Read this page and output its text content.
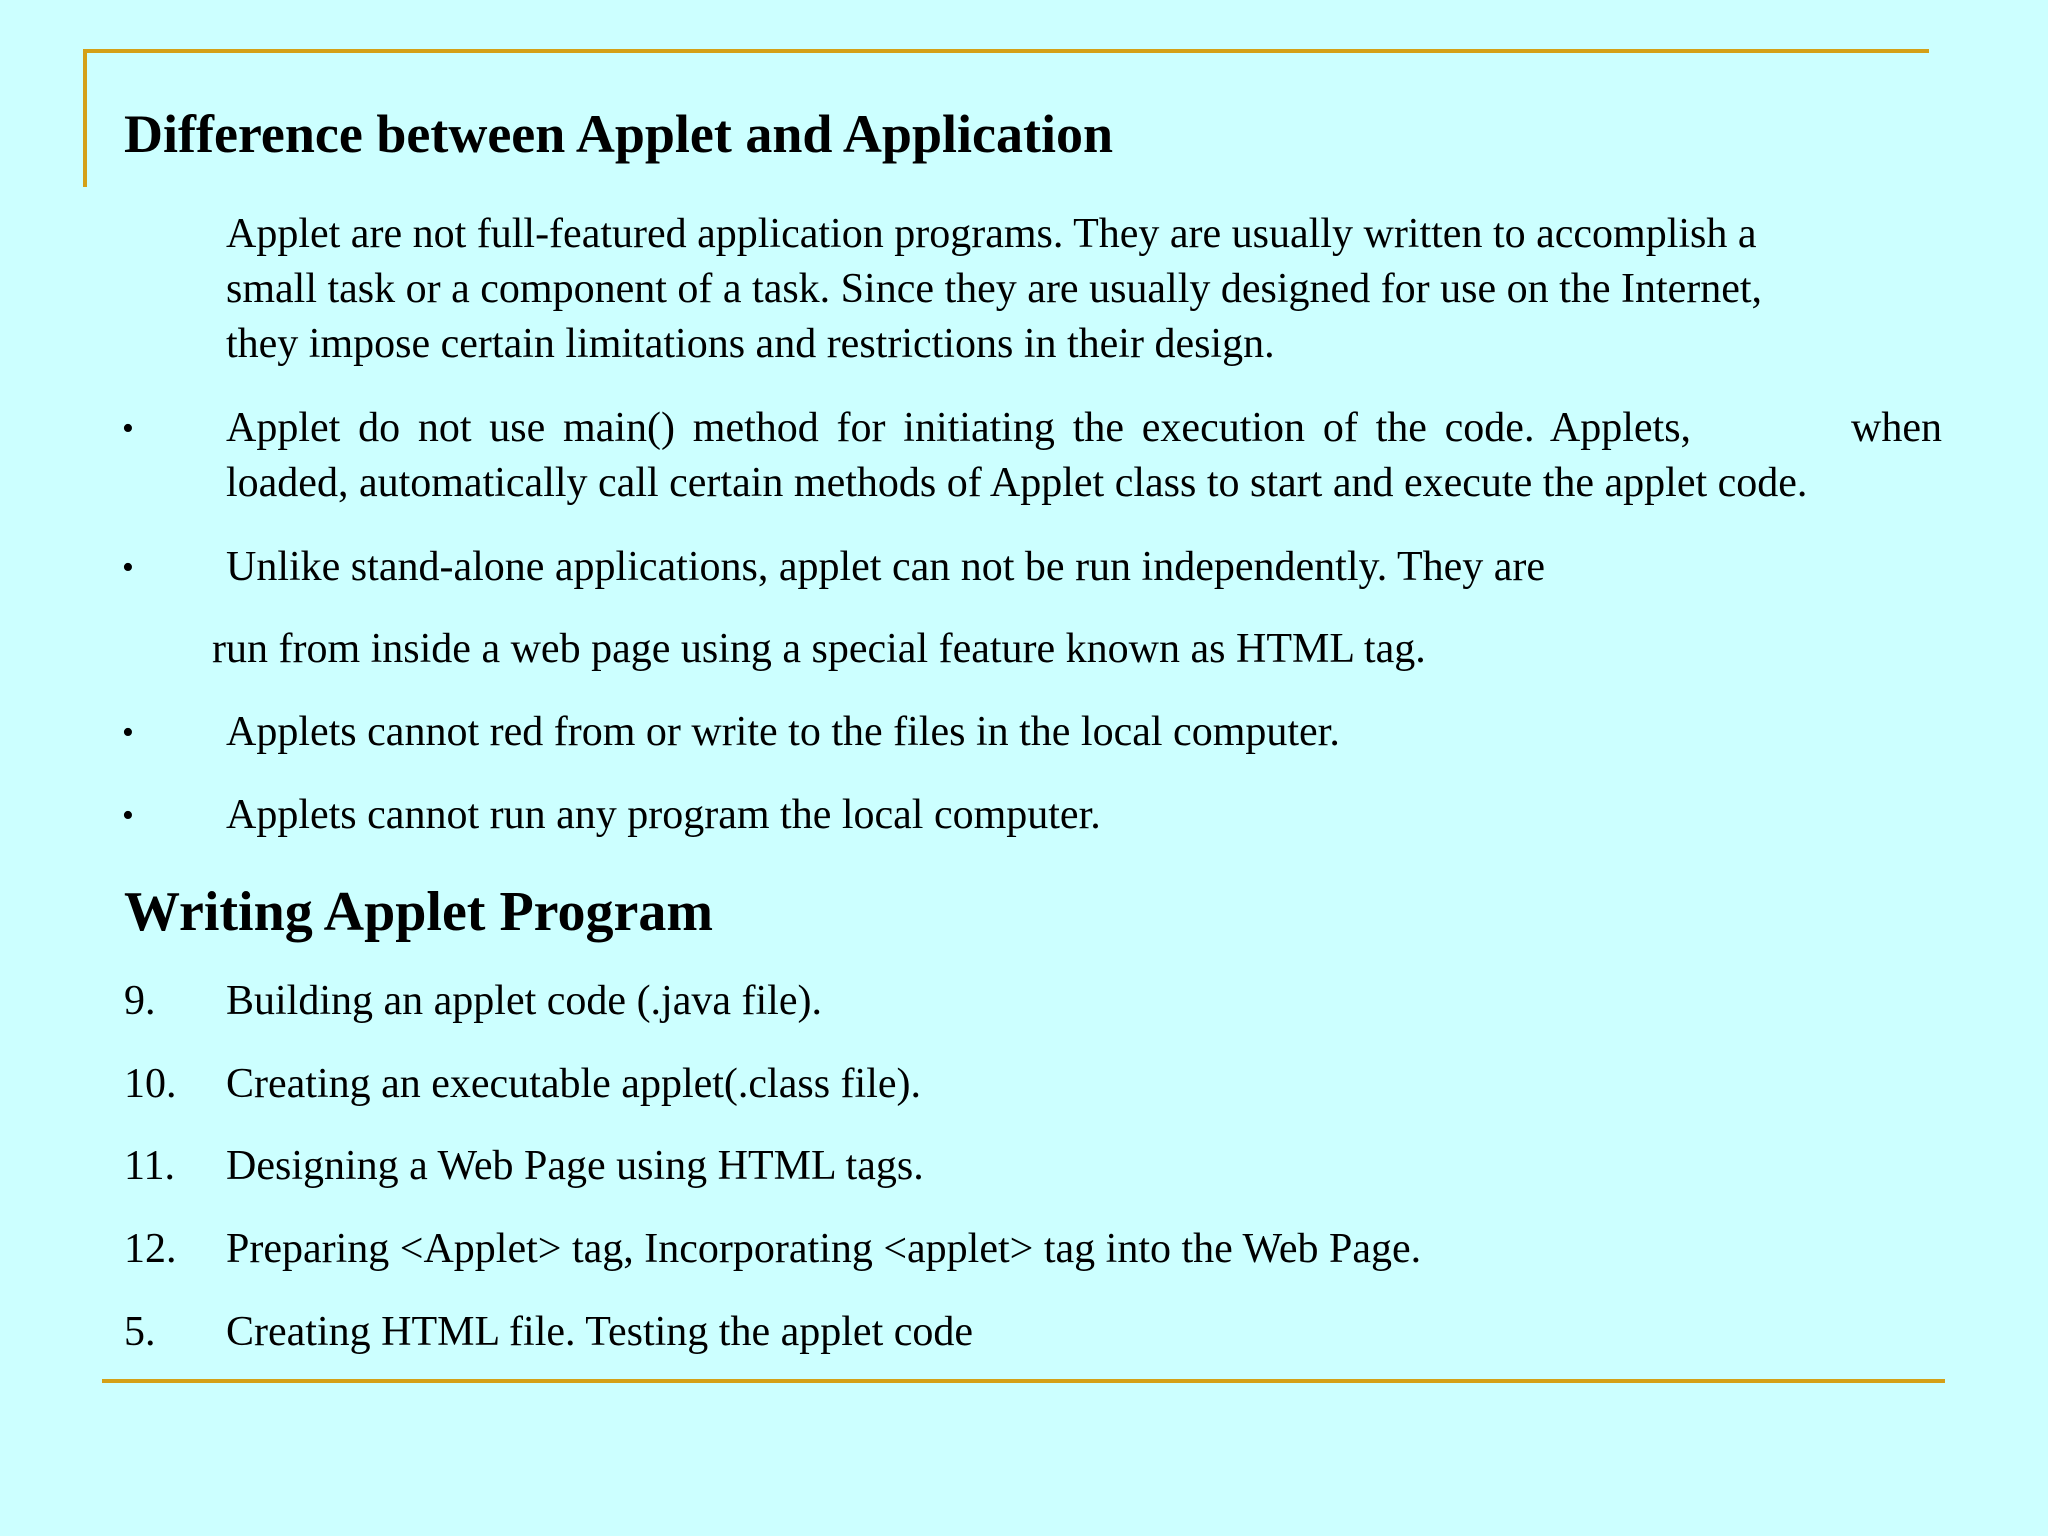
Difference between Applet and Application
Applet are not full-featured application programs. They are usually written to accomplish a
small task or a component of a task. Since they are usually designed for use on the Internet,
they impose certain limitations and restrictions in their design.
• Applet do not use main() method for initiating the execution of the code. Applets,         when
loaded, automatically call certain methods of Applet class to start and execute the applet code.
• Unlike stand-alone applications, applet can not be run independently. They are
run from inside a web page using a special feature known as HTML tag.
• Applets cannot red from or write to the files in the local computer.
• Applets cannot run any program the local computer.
Writing Applet Program
9. Building an applet code (.java file).
10. Creating an executable applet(.class file).
11. Designing a Web Page using HTML tags.
12. Preparing <Applet> tag, Incorporating <applet> tag into the Web Page.
5. Creating HTML file. Testing the applet code
